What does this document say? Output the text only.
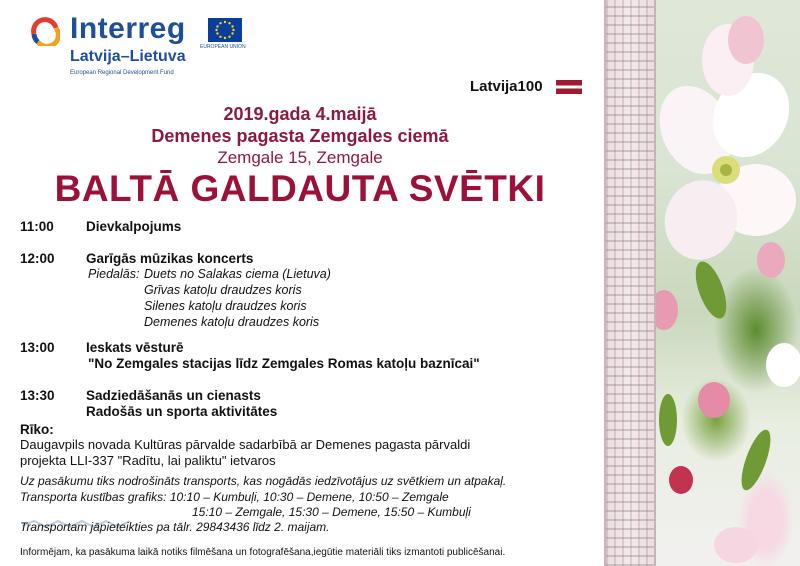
Interreg
Latvija–Lietuva
European Regional Development Fund
EUROPEAN UNION
Latvija100
2019.gada 4.maijā
Demenes pagasta Zemgales ciemā
Zemgale 15, Zemgale
BALTĀ GALDAUTA SVĒTKI
11:00 Dievkalpojums
12:00 Garīgās mūzikas koncerts
Piedalās: Duets no Salakas ciema (Lietuva)
Grīvas katoļu draudzes koris
Silenes katoļu draudzes koris
Demenes katoļu draudzes koris
13:00 Ieskats vēsturē
"No Zemgales stacijas līdz Zemgales Romas katoļu baznīcai"
13:30 Sadziedāšanās un cienasts
Radošās un sporta aktivitātes
Rīko:
Daugavpils novada Kultūras pārvalde sadarbībā ar Demenes pagasta pārvaldi
projekta LLI-337 "Radītu, lai paliktu" ietvaros
Uz pasākumu tiks nodrošināts transports, kas nogādās iedzīvotājus uz svētkiem un atpakaļ.
Transporta kustības grafiks: 10:10 – Kumbuļi, 10:30 – Demene, 10:50 – Zemgale
15:10 – Zemgale, 15:30 – Demene, 15:50 – Kumbuļi
Transportam jāpieteikties pa tālr. 29843436 līdz 2. maijam.
Informējam, ka pasākuma laikā notiks filmēšana un fotografēšana,iegūtie materiāli tiks izmantoti publicēšanai.
